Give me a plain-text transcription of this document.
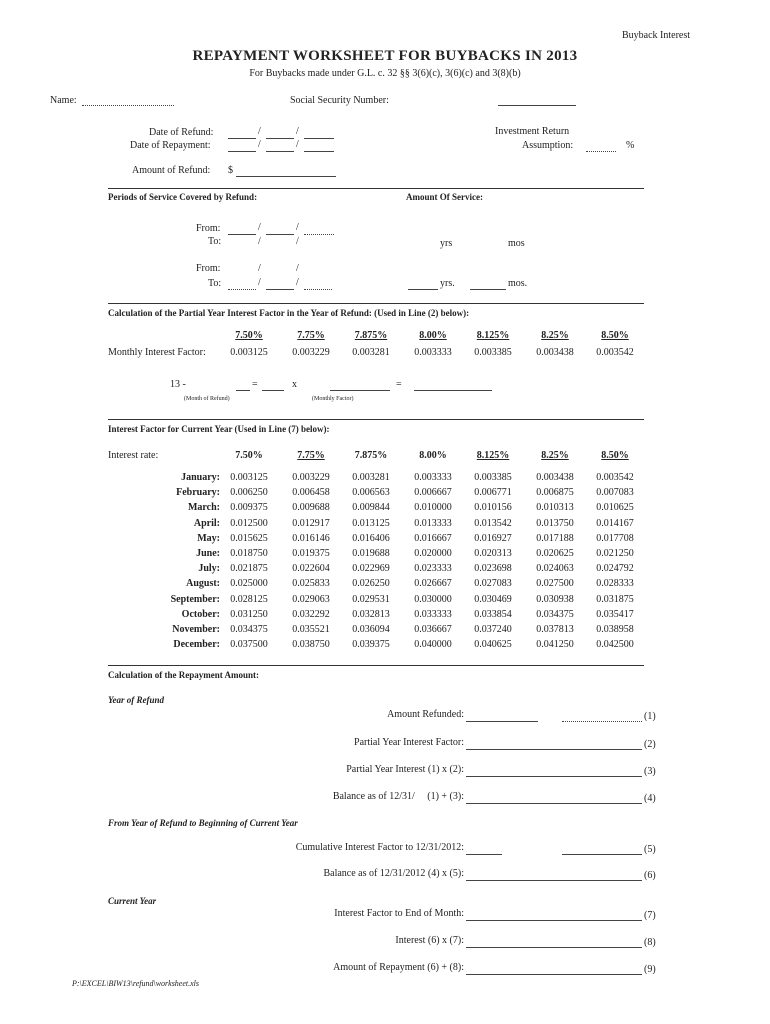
Buyback Interest
REPAYMENT WORKSHEET FOR BUYBACKS IN 2013
For Buybacks made under G.L. c. 32 §§ 3(6)(c), 3(6)(c) and 3(8)(b)
Name:	Social Security Number:
Date of Refund:	/	/
Date of Repayment:	/	/
Investment Return
Assumption:	%
Amount of Refund: $
Periods of Service Covered by Refund:	Amount Of Service:
From:	/	/
To:	/	/	yrs	mos
From:	/	/
To:	/	/	yrs.	mos.
Calculation of the Partial Year Interest Factor in the Year of Refund: (Used in Line (2) below):
7.50%	7.75%	7.875%	8.00%	8.125%	8.25%	8.50%
Monthly Interest Factor:	0.003125	0.003229	0.003281	0.003333	0.003385	0.003438	0.003542
13 -	=	x	=
(Month of Refund)	(Monthly Factor)
Interest Factor for Current Year (Used in Line (7) below):
Interest rate:	7.50%	7.75%	7.875%	8.00%	8.125%	8.25%	8.50%
January:	0.003125	0.003229	0.003281	0.003333	0.003385	0.003438	0.003542
February:	0.006250	0.006458	0.006563	0.006667	0.006771	0.006875	0.007083
March:	0.009375	0.009688	0.009844	0.010000	0.010156	0.010313	0.010625
April:	0.012500	0.012917	0.013125	0.013333	0.013542	0.013750	0.014167
May:	0.015625	0.016146	0.016406	0.016667	0.016927	0.017188	0.017708
June:	0.018750	0.019375	0.019688	0.020000	0.020313	0.020625	0.021250
July:	0.021875	0.022604	0.022969	0.023333	0.023698	0.024063	0.024792
August:	0.025000	0.025833	0.026250	0.026667	0.027083	0.027500	0.028333
September:	0.028125	0.029063	0.029531	0.030000	0.030469	0.030938	0.031875
October:	0.031250	0.032292	0.032813	0.033333	0.033854	0.034375	0.035417
November:	0.034375	0.035521	0.036094	0.036667	0.037240	0.037813	0.038958
December:	0.037500	0.038750	0.039375	0.040000	0.040625	0.041250	0.042500
Calculation of the Repayment Amount:
Year of Refund
Amount Refunded:	(1)
Partial Year Interest Factor:	(2)
Partial Year Interest (1) x (2):	(3)
Balance as of 12/31/     (1) + (3):	(4)
From Year of Refund to Beginning of Current Year
Cumulative Interest Factor to 12/31/2012:	(5)
Balance as of 12/31/2012 (4) x (5):	(6)
Current Year
Interest Factor to End of Month:	(7)
Interest (6) x (7):	(8)
Amount of Repayment (6) + (8):	(9)
P:\EXCEL\BIW13\refund\worksheet.xls
